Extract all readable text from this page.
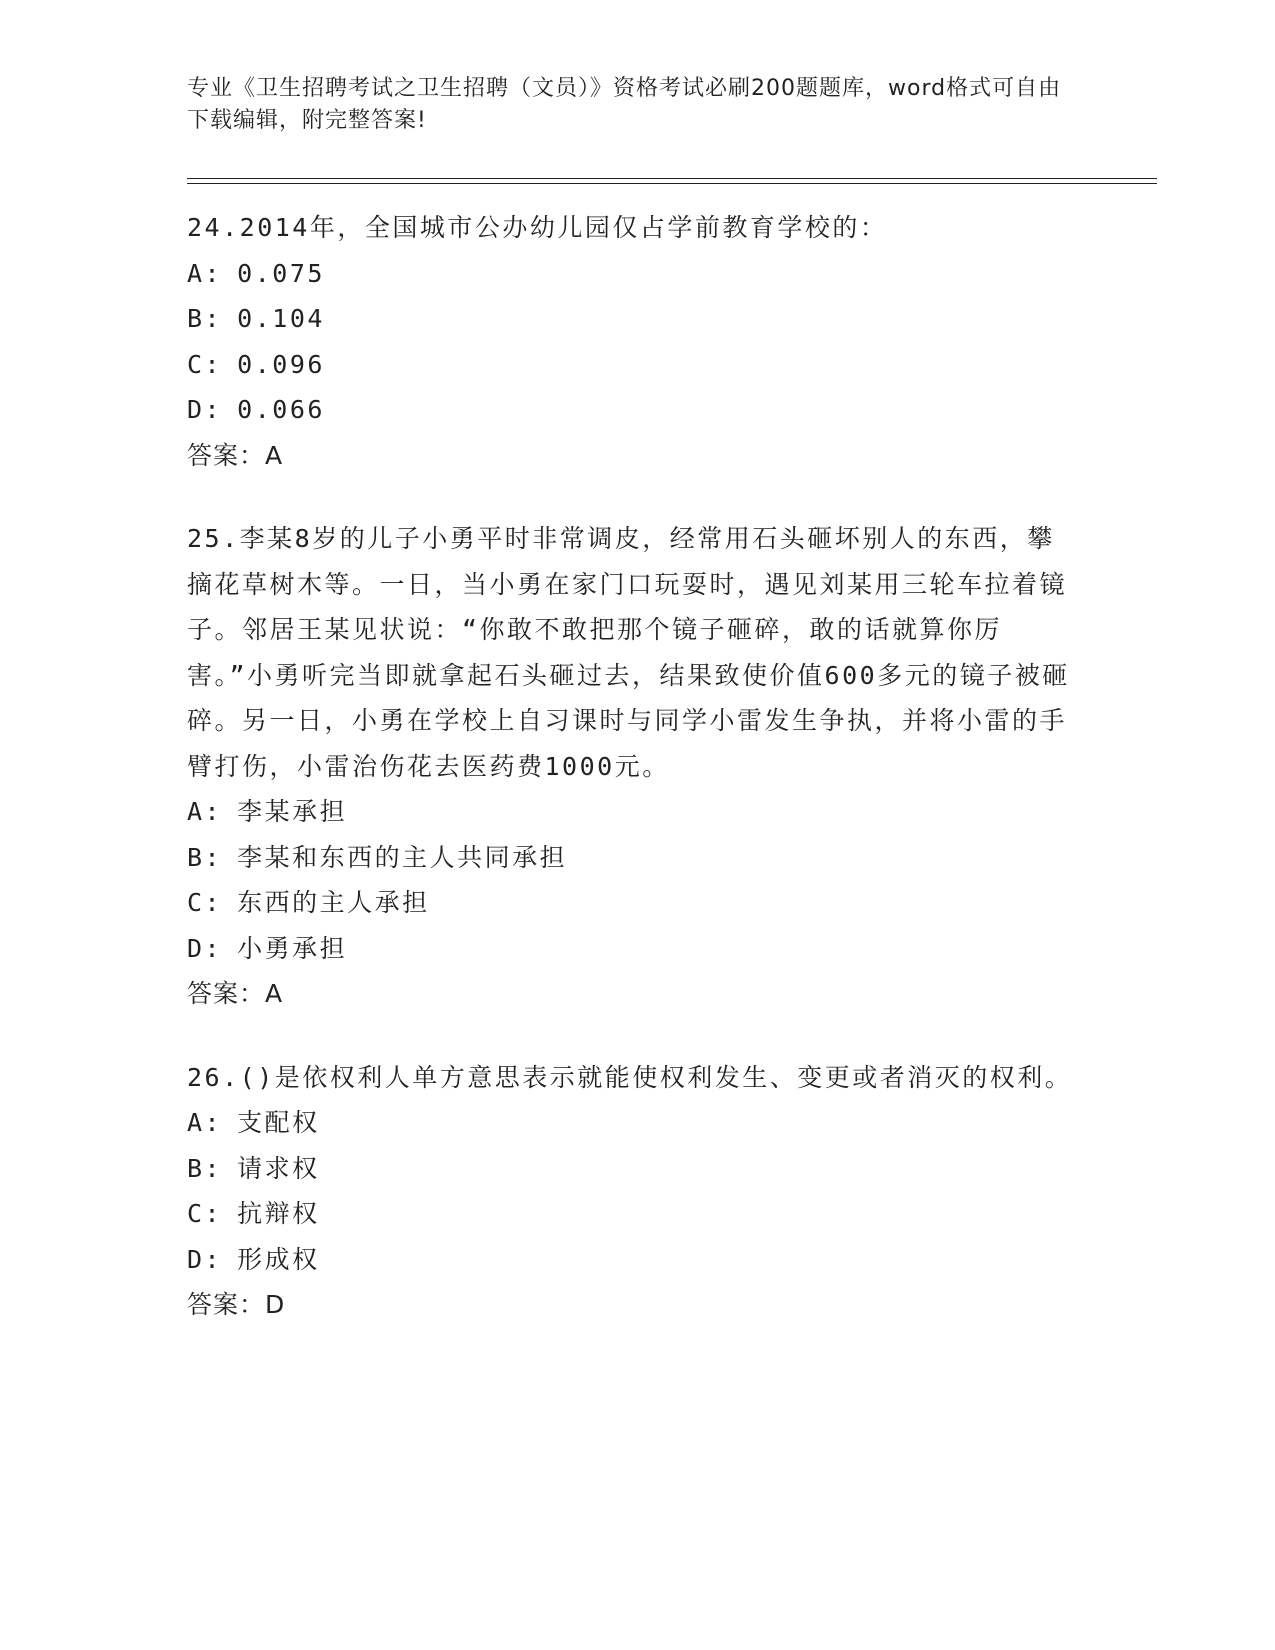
专业《卫生招聘考试之卫生招聘（文员）》资格考试必刷200题题库，word格式可自由下载编辑，附完整答案!

24.2014年，全国城市公办幼儿园仅占学前教育学校的：

A: 0.075

B: 0.104

C: 0.096

D: 0.066

答案：A

25.李某8岁的儿子小勇平时非常调皮，经常用石头砸坏别人的东西，攀摘花草树木等。一日，当小勇在家门口玩耍时，遇见刘某用三轮车拉着镜子。邻居王某见状说：“你敢不敢把那个镜子砸碎，敢的话就算你厉害。”小勇听完当即就拿起石头砸过去，结果致使价值600多元的镜子被砸碎。另一日，小勇在学校上自习课时与同学小雷发生争执，并将小雷的手臂打伤，小雷治伤花去医药费1000元。

A: 李某承担

B: 李某和东西的主人共同承担

C: 东西的主人承担

D: 小勇承担

答案：A

26.()是依权利人单方意思表示就能使权利发生、变更或者消灭的权利。

A: 支配权

B: 请求权

C: 抗辩权

D: 形成权

答案：D
